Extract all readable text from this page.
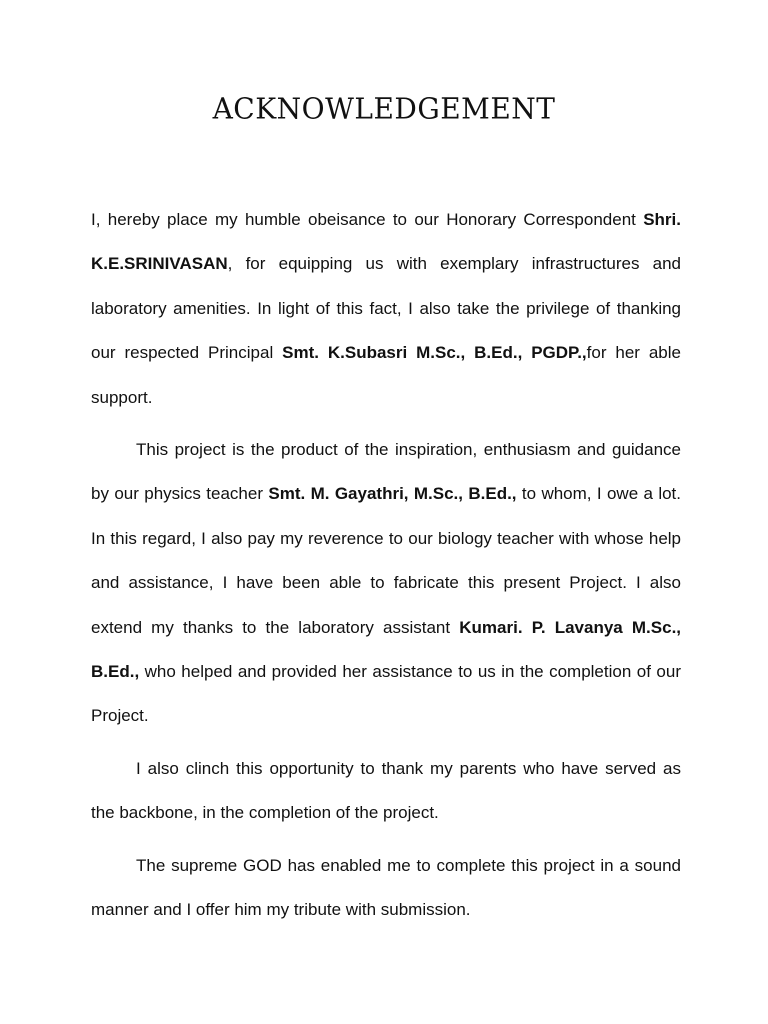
ACKNOWLEDGEMENT

I, hereby place my humble obeisance to our Honorary Correspondent Shri. K.E.SRINIVASAN, for equipping us with exemplary infrastructures and laboratory amenities. In light of this fact, I also take the privilege of thanking our respected Principal Smt. K.Subasri M.Sc., B.Ed., PGDP.,for her able support.

This project is the product of the inspiration, enthusiasm and guidance by our physics teacher Smt. M. Gayathri, M.Sc., B.Ed., to whom, I owe a lot. In this regard, I also pay my reverence to our biology teacher with whose help and assistance, I have been able to fabricate this present Project. I also extend my thanks to the laboratory assistant Kumari. P. Lavanya M.Sc., B.Ed., who helped and provided her assistance to us in the completion of our Project.

I also clinch this opportunity to thank my parents who have served as the backbone, in the completion of the project.

The supreme GOD has enabled me to complete this project in a sound manner and I offer him my tribute with submission.
